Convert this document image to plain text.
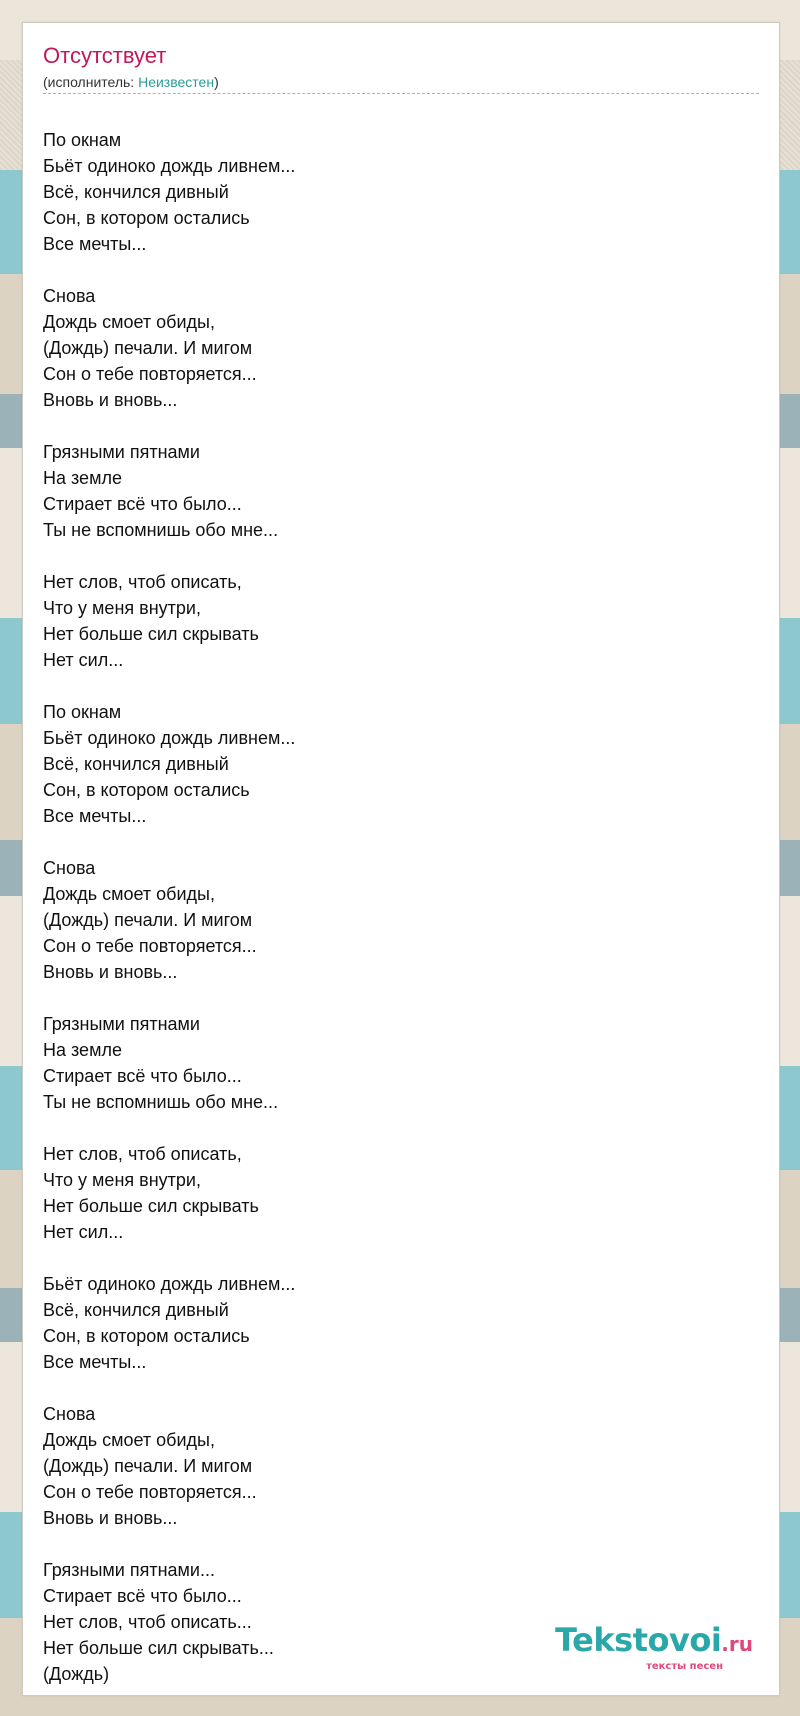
Отсутствует
(исполнитель: Неизвестен)
По окнам
Бьёт одиноко дождь ливнем...
Всё, кончился дивный
Сон, в котором остались
Все мечты...
Снова
Дождь смоет обиды,
(Дождь) печали. И мигом
Сон о тебе повторяется...
Вновь и вновь...
Грязными пятнами
На земле
Стирает всё что было...
Ты не вспомнишь обо мне...
Нет слов, чтоб описать,
Что у меня внутри,
Нет больше сил скрывать
Нет сил...
По окнам
Бьёт одиноко дождь ливнем...
Всё, кончился дивный
Сон, в котором остались
Все мечты...
Снова
Дождь смоет обиды,
(Дождь) печали. И мигом
Сон о тебе повторяется...
Вновь и вновь...
Грязными пятнами
На земле
Стирает всё что было...
Ты не вспомнишь обо мне...
Нет слов, чтоб описать,
Что у меня внутри,
Нет больше сил скрывать
Нет сил...
Бьёт одиноко дождь ливнем...
Всё, кончился дивный
Сон, в котором остались
Все мечты...
Снова
Дождь смоет обиды,
(Дождь) печали. И мигом
Сон о тебе повторяется...
Вновь и вновь...
Грязными пятнами...
Стирает всё что было...
Нет слов, чтоб описать...
Нет больше сил скрывать...
(Дождь)
Tekstovoi.ru
тексты песен
